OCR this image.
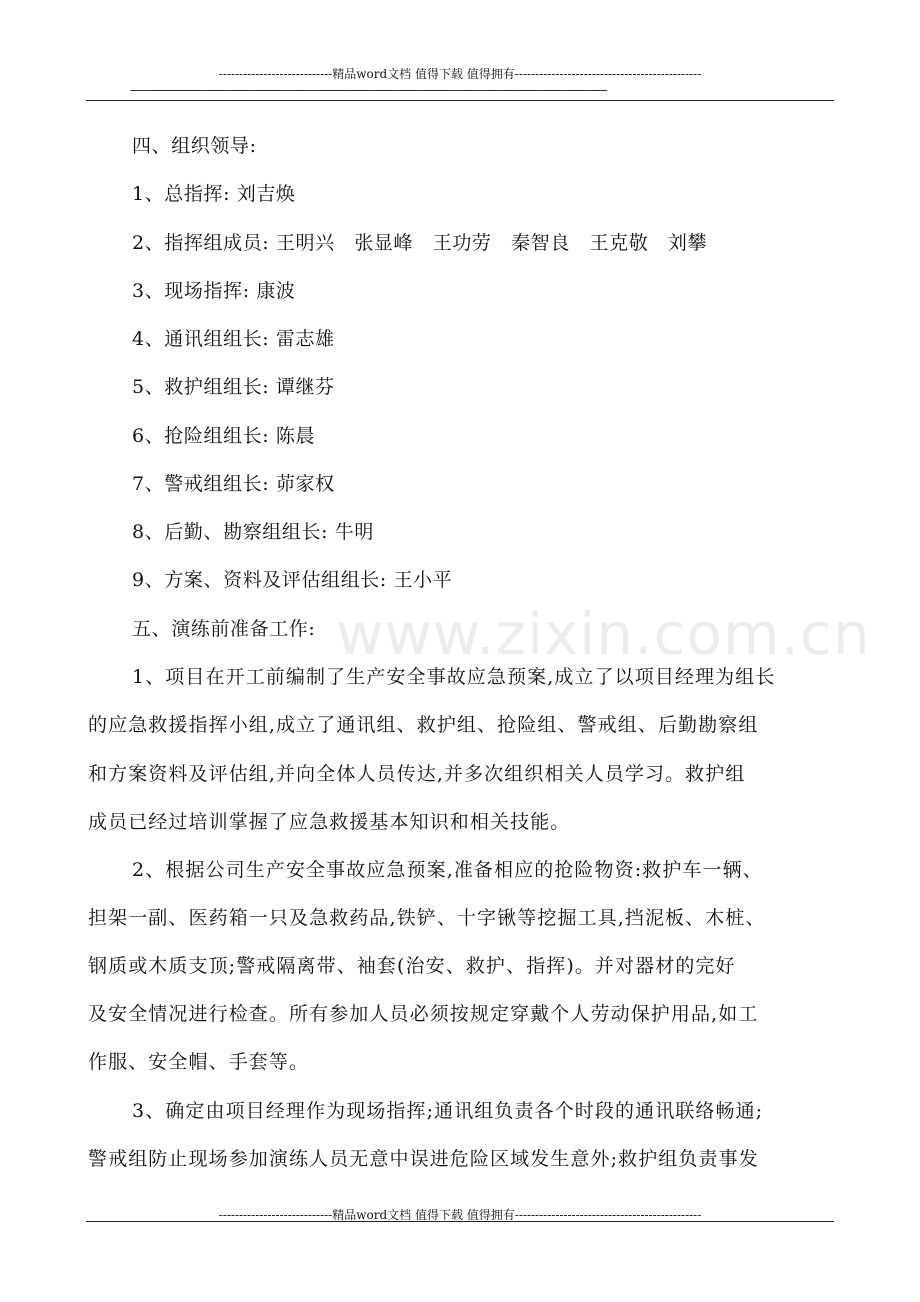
----------------------------精品word文档 值得下载 值得拥有----------------------------------------------
------------------------------------------------------------------------------------------------------------------------------------------------------------
www.zixin.com.cn
四、组织领导:
1、总指挥: 刘吉焕
2、指挥组成员: 王明兴　张显峰　王功劳　秦智良　王克敬　刘攀
3、现场指挥: 康波
4、通讯组组长: 雷志雄
5、救护组组长: 谭继芬
6、抢险组组长: 陈晨
7、警戒组组长: 茆家权
8、后勤、勘察组组长: 牛明
9、方案、资料及评估组组长: 王小平
五、演练前准备工作:
1、项目在开工前编制了生产安全事故应急预案,成立了以项目经理为组长
的应急救援指挥小组,成立了通讯组、救护组、抢险组、警戒组、后勤勘察组
和方案资料及评估组,并向全体人员传达,并多次组织相关人员学习。救护组
成员已经过培训掌握了应急救援基本知识和相关技能。
2、根据公司生产安全事故应急预案,准备相应的抢险物资:救护车一辆、
担架一副、医药箱一只及急救药品,铁铲、十字锹等挖掘工具,挡泥板、木桩、
钢质或木质支顶;警戒隔离带、袖套(治安、救护、指挥)。并对器材的完好
及安全情况进行检查。所有参加人员必须按规定穿戴个人劳动保护用品,如工
作服、安全帽、手套等。
3、确定由项目经理作为现场指挥;通讯组负责各个时段的通讯联络畅通;
警戒组防止现场参加演练人员无意中误进危险区域发生意外;救护组负责事发
----------------------------精品word文档 值得下载 值得拥有----------------------------------------------
